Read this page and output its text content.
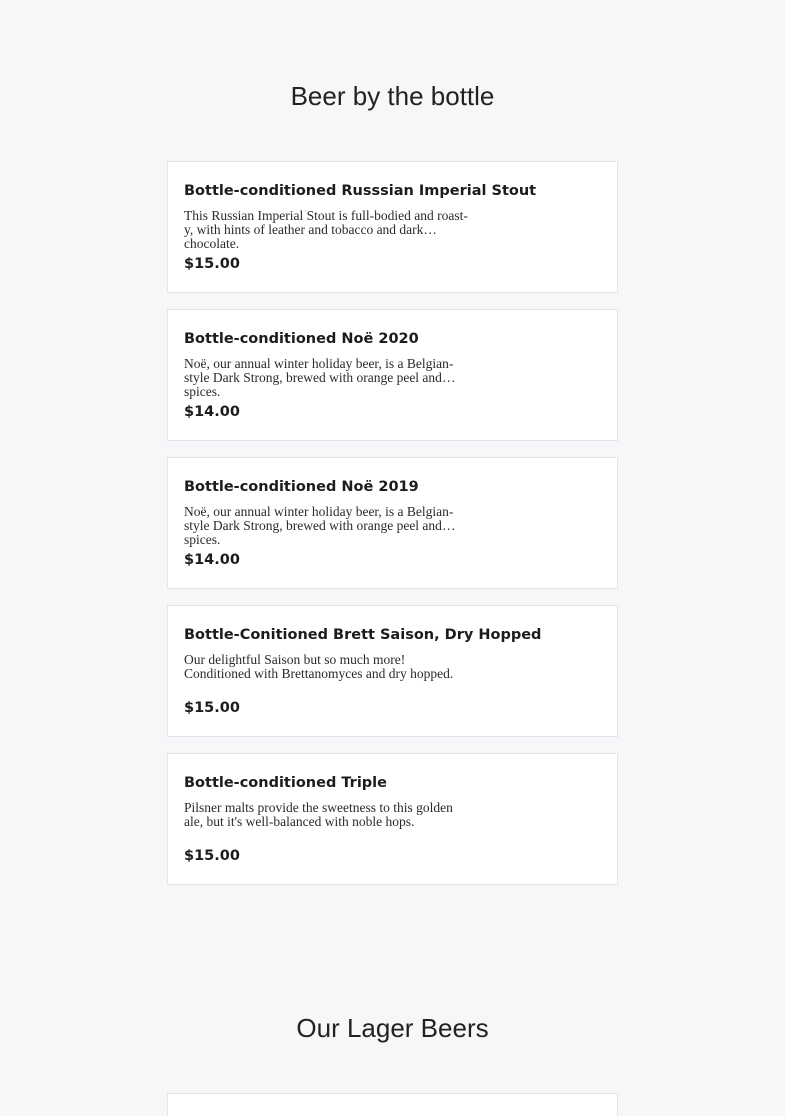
Beer by the bottle
Bottle-conditioned Russsian Imperial Stout

This Russian Imperial Stout is full-bodied and roast-y, with hints of leather and tobacco and dark chocolate.

$15.00

Bottle-conditioned Noë 2020

Noë, our annual winter holiday beer, is a Belgian-style Dark Strong, brewed with orange peel and spices.

$14.00

Bottle-conditioned Noë 2019

Noë, our annual winter holiday beer, is a Belgian-style Dark Strong, brewed with orange peel and spices.

$14.00

Bottle-Conitioned Brett Saison, Dry Hopped

Our delightful Saison but so much more! Conditioned with Brettanomyces and dry hopped.

$15.00

Bottle-conditioned Triple

Pilsner malts provide the sweetness to this golden ale, but it's well-balanced with noble hops.

$15.00

Our Lager Beers
